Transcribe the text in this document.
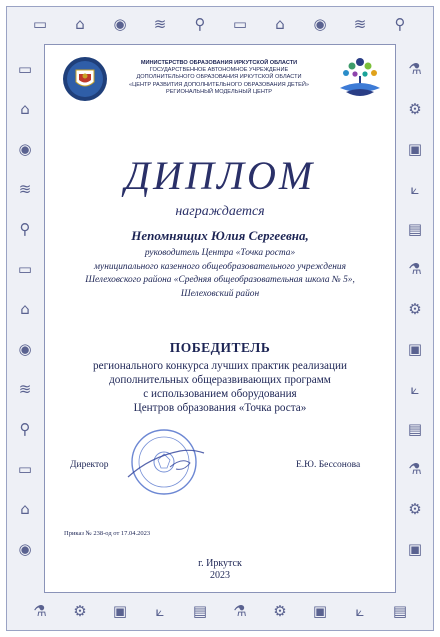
▭
⚗
⌂
⚙
◉
▣
≋
⟀
⚲
▤
▭
⚗
⌂
⚙
◉
▣
≋
⟀
⚲
▤
▭	⚗
⌂	⚙
◉	▣
≋	⟀
⚲	▤
▭	⚗
⌂	⚙
◉	▣
≋	⟀
⚲	▤
▭	⚗
⌂	⚙
◉	▣
МИНИСТЕРСТВО ОБРАЗОВАНИЯ ИРКУТСКОЙ ОБЛАСТИ
ГОСУДАРСТВЕННОЕ АВТОНОМНОЕ УЧРЕЖДЕНИЕ
ДОПОЛНИТЕЛЬНОГО ОБРАЗОВАНИЯ ИРКУТСКОЙ ОБЛАСТИ
«ЦЕНТР РАЗВИТИЯ ДОПОЛНИТЕЛЬНОГО ОБРАЗОВАНИЯ ДЕТЕЙ»
РЕГИОНАЛЬНЫЙ МОДЕЛЬНЫЙ ЦЕНТР
ДИПЛОМ
награждается
Непомнящих Юлия Сергеевна,
руководитель Центра «Точка роста»
муниципального казенного общеобразовательного учреждения
Шелеховского района «Средняя общеобразовательная школа № 5»,
Шелеховский район
ПОБЕДИТЕЛЬ
регионального конкурса лучших практик реализации
дополнительных общеразвивающих программ
с использованием оборудования
Центров образования «Точка роста»
Директор	Е.Ю. Бессонова
Приказ № 238-од от 17.04.2023
г. Иркутск
2023
